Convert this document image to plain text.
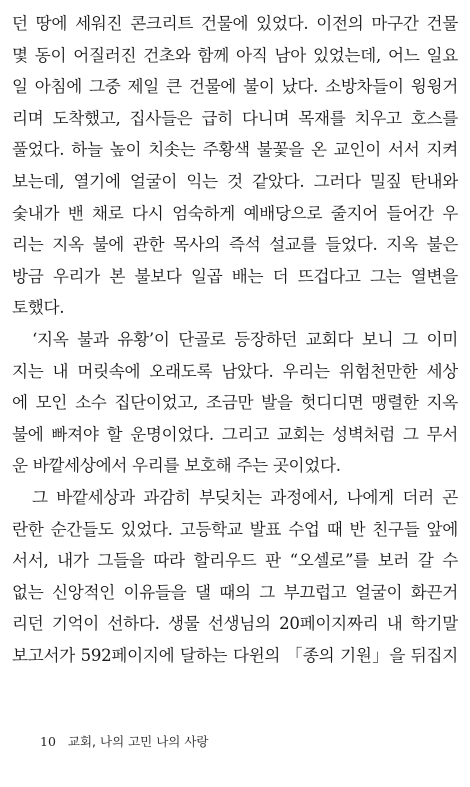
던 땅에 세워진 콘크리트 건물에 있었다. 이전의 마구간 건물
몇 동이 어질러진 건초와 함께 아직 남아 있었는데, 어느 일요
일 아침에 그중 제일 큰 건물에 불이 났다. 소방차들이 윙윙거
리며 도착했고, 집사들은 급히 다니며 목재를 치우고 호스를
풀었다. 하늘 높이 치솟는 주황색 불꽃을 온 교인이 서서 지켜
보는데, 열기에 얼굴이 익는 것 같았다. 그러다 밀짚 탄내와
숯내가 밴 채로 다시 엄숙하게 예배당으로 줄지어 들어간 우
리는 지옥 불에 관한 목사의 즉석 설교를 들었다. 지옥 불은
방금 우리가 본 불보다 일곱 배는 더 뜨겁다고 그는 열변을
토했다.
‘지옥 불과 유황’이 단골로 등장하던 교회다 보니 그 이미
지는 내 머릿속에 오래도록 남았다. 우리는 위험천만한 세상
에 모인 소수 집단이었고, 조금만 발을 헛디디면 맹렬한 지옥
불에 빠져야 할 운명이었다. 그리고 교회는 성벽처럼 그 무서
운 바깥세상에서 우리를 보호해 주는 곳이었다.
그 바깥세상과 과감히 부딪치는 과정에서, 나에게 더러 곤
란한 순간들도 있었다. 고등학교 발표 수업 때 반 친구들 앞에
서서, 내가 그들을 따라 할리우드 판 “오셀로”를 보러 갈 수
없는 신앙적인 이유들을 댈 때의 그 부끄럽고 얼굴이 화끈거
리던 기억이 선하다. 생물 선생님의 20페이지짜리 내 학기말
보고서가 592페이지에 달하는 다윈의 「종의 기원」을 뒤집지
10 교회, 나의 고민 나의 사랑
